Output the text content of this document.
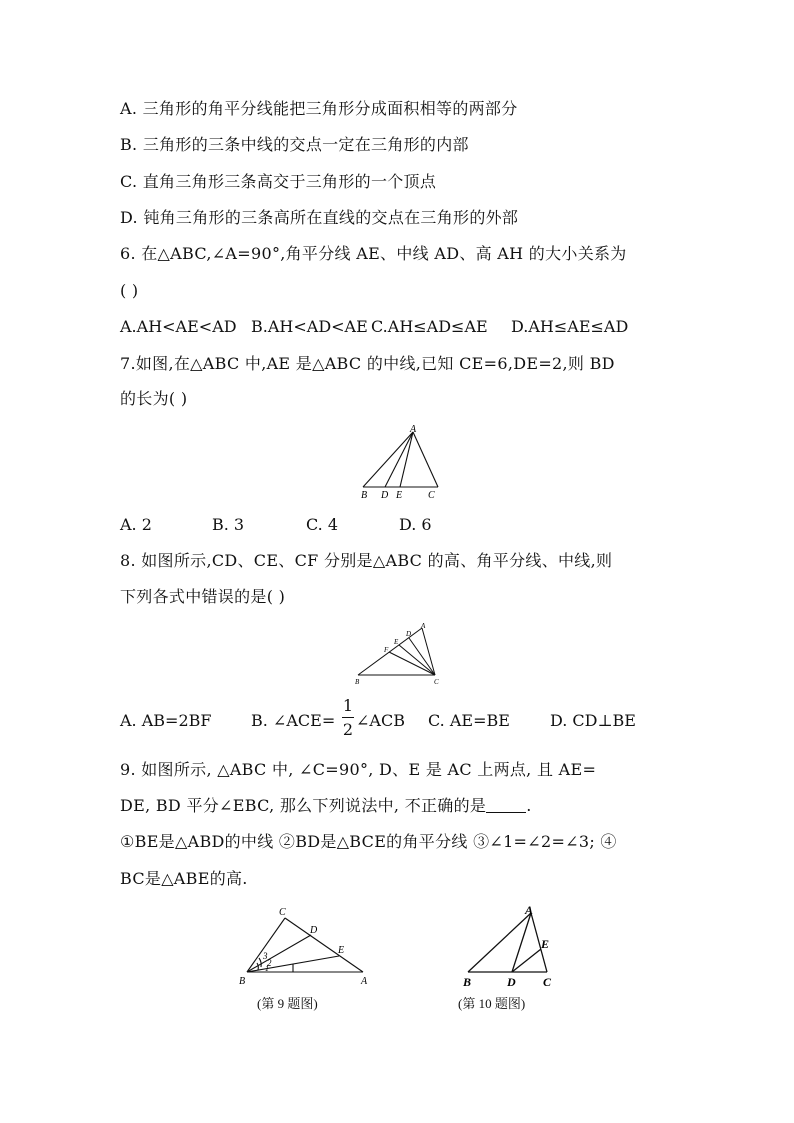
A. 三角形的角平分线能把三角形分成面积相等的两部分
B. 三角形的三条中线的交点一定在三角形的内部
C. 直角三角形三条高交于三角形的一个顶点
D. 钝角三角形的三条高所在直线的交点在三角形的外部
6. 在△ABC,∠A=90°,角平分线 AE、中线 AD、高 AH 的大小关系为
( )
A.AH<AE<AD B.AH<AD<AE C.AH≤AD≤AE D.AH≤AE≤AD
7.如图,在△ABC 中,AE 是△ABC 的中线,已知 CE=6,DE=2,则 BD
的长为( )
A
B D E	C
A. 2	B. 3	C. 4	D. 6
8. 如图所示,CD、CE、CF 分别是△ABC 的高、角平分线、中线,则
下列各式中错误的是( )
A
D
E
F
B	C
A. AB=2BF B. ∠ACE=
1
2 ∠ACB C. AE=BE	D. CD⊥BE
9. 如图所示, △ABC 中, ∠C=90°, D、E 是 AC 上两点, 且 AE=
DE, BD 平分∠EBC, 那么下列说法中, 不正确的是	.
①BE是△ABD的中线 ②BD是△BCE的角平分线 ③∠1=∠2=∠3; ④
BC是△ABE的高.
C
D
E
3
2
1
B	A
(第 9 题图)
A
E
B	D C
(第 10 题图)
